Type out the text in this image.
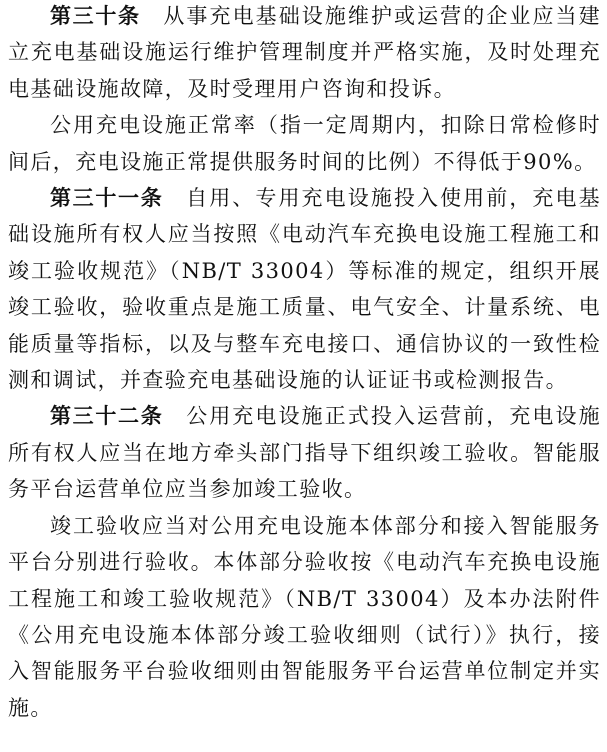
第三十条 从事充电基础设施维护或运营的企业应当建立充电基础设施运行维护管理制度并严格实施，及时处理充电基础设施故障，及时受理用户咨询和投诉。

公用充电设施正常率（指一定周期内，扣除日常检修时间后，充电设施正常提供服务时间的比例）不得低于90%。

第三十一条 自用、专用充电设施投入使用前，充电基础设施所有权人应当按照《电动汽车充换电设施工程施工和竣工验收规范》（NB/T 33004）等标准的规定，组织开展竣工验收，验收重点是施工质量、电气安全、计量系统、电能质量等指标，以及与整车充电接口、通信协议的一致性检测和调试，并查验充电基础设施的认证证书或检测报告。

第三十二条 公用充电设施正式投入运营前，充电设施所有权人应当在地方牵头部门指导下组织竣工验收。智能服务平台运营单位应当参加竣工验收。

竣工验收应当对公用充电设施本体部分和接入智能服务平台分别进行验收。本体部分验收按《电动汽车充换电设施工程施工和竣工验收规范》（NB/T 33004）及本办法附件《公用充电设施本体部分竣工验收细则（试行）》执行，接入智能服务平台验收细则由智能服务平台运营单位制定并实施。
